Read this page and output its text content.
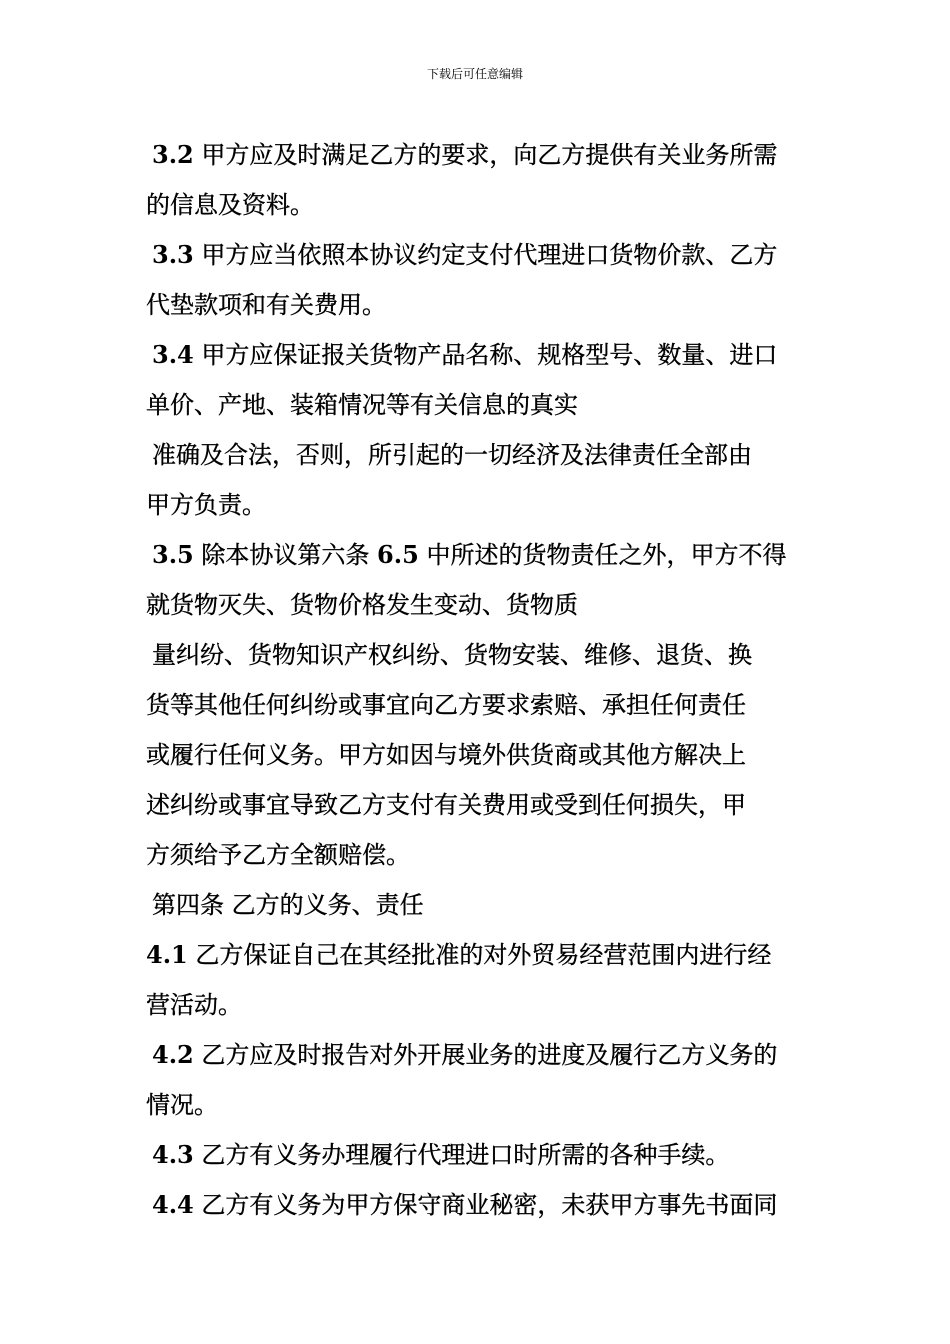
下载后可任意编辑
3.2 甲方应及时满足乙方的要求，向乙方提供有关业务所需
的信息及资料。
3.3 甲方应当依照本协议约定支付代理进口货物价款、乙方
代垫款项和有关费用。
3.4 甲方应保证报关货物产品名称、规格型号、数量、进口
单价、产地、装箱情况等有关信息的真实
准确及合法，否则，所引起的一切经济及法律责任全部由
甲方负责。
3.5 除本协议第六条 6.5 中所述的货物责任之外，甲方不得
就货物灭失、货物价格发生变动、货物质
量纠纷、货物知识产权纠纷、货物安装、维修、退货、换
货等其他任何纠纷或事宜向乙方要求索赔、承担任何责任
或履行任何义务。甲方如因与境外供货商或其他方解决上
述纠纷或事宜导致乙方支付有关费用或受到任何损失，甲
方须给予乙方全额赔偿。
第四条 乙方的义务、责任
4.1 乙方保证自己在其经批准的对外贸易经营范围内进行经
营活动。
4.2 乙方应及时报告对外开展业务的进度及履行乙方义务的
情况。
4.3 乙方有义务办理履行代理进口时所需的各种手续。
4.4 乙方有义务为甲方保守商业秘密，未获甲方事先书面同
